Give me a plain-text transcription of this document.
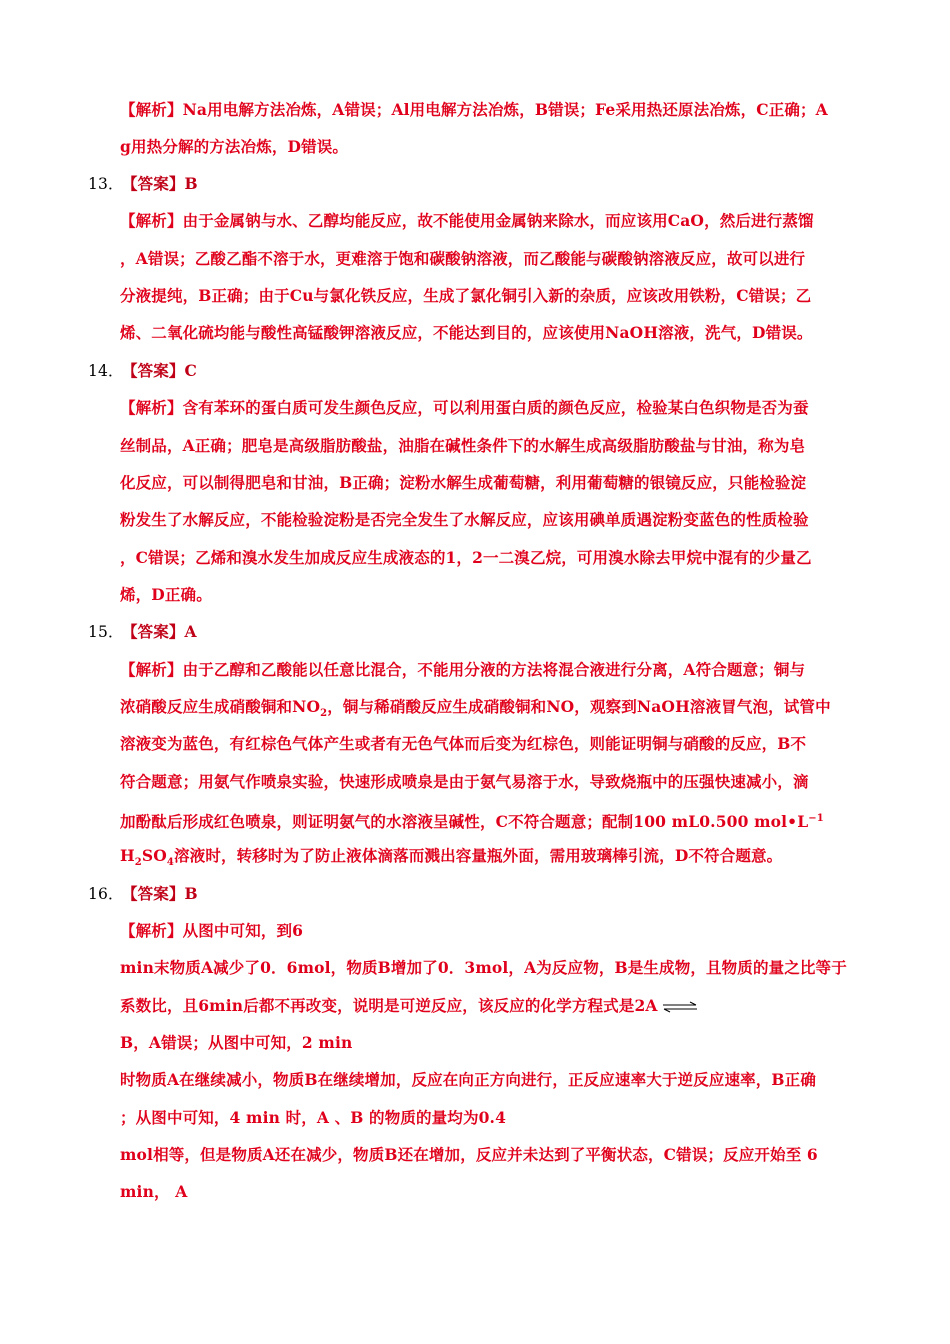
【解析】Na用电解方法冶炼，A错误；Al用电解方法冶炼，B错误；Fe采用热还原法冶炼，C正确；A
g用热分解的方法冶炼，D错误。
13． 【答案】B
【解析】由于金属钠与水、乙醇均能反应，故不能使用金属钠来除水，而应该用CaO，然后进行蒸馏
，A错误；乙酸乙酯不溶于水，更难溶于饱和碳酸钠溶液，而乙酸能与碳酸钠溶液反应，故可以进行
分液提纯，B正确；由于Cu与氯化铁反应，生成了氯化铜引入新的杂质，应该改用铁粉，C错误；乙
烯、二氧化硫均能与酸性高锰酸钾溶液反应，不能达到目的，应该使用NaOH溶液，洗气，D错误。
14． 【答案】C
【解析】含有苯环的蛋白质可发生颜色反应，可以利用蛋白质的颜色反应，检验某白色织物是否为蚕
丝制品，A正确；肥皂是高级脂肪酸盐，油脂在碱性条件下的水解生成高级脂肪酸盐与甘油，称为皂
化反应，可以制得肥皂和甘油，B正确；淀粉水解生成葡萄糖，利用葡萄糖的银镜反应，只能检验淀
粉发生了水解反应，不能检验淀粉是否完全发生了水解反应，应该用碘单质遇淀粉变蓝色的性质检验
，C错误；乙烯和溴水发生加成反应生成液态的1，2一二溴乙烷，可用溴水除去甲烷中混有的少量乙
烯，D正确。
15． 【答案】A
【解析】由于乙醇和乙酸能以任意比混合，不能用分液的方法将混合液进行分离，A符合题意；铜与
浓硝酸反应生成硝酸铜和$NO_2$，铜与稀硝酸反应生成硝酸铜和NO，观察到NaOH溶液冒气泡，试管中
溶液变为蓝色，有红棕色气体产生或者有无色气体而后变为红棕色，则能证明铜与硝酸的反应，B不
符合题意；用氨气作喷泉实验，快速形成喷泉是由于氨气易溶于水，导致烧瓶中的压强快速减小，滴
加酚酞后形成红色喷泉，则证明氨气的水溶液呈碱性，C不符合题意；配制100 mL0.500 $mol•L^{-1}$
$H_2SO_4$溶液时，转移时为了防止液体滴落而溅出容量瓶外面，需用玻璃棒引流，D不符合题意。
16． 【答案】B
【解析】从图中可知，到6
min末物质A减少了0．6mol，物质B增加了0．3mol，A为反应物，B是生成物，且物质的量之比等于
系数比，且6min后都不再改变，说明是可逆反应，该反应的化学方程式是2A
B，A错误；从图中可知，2 min
时物质A在继续减小，物质B在继续增加，反应在向正方向进行，正反应速率大于逆反应速率，B正确
；从图中可知，4 min 时，A 、B 的物质的量均为0.4
mol相等，但是物质A还在减少，物质B还在增加，反应并未达到了平衡状态，C错误；反应开始至 6
min， A
